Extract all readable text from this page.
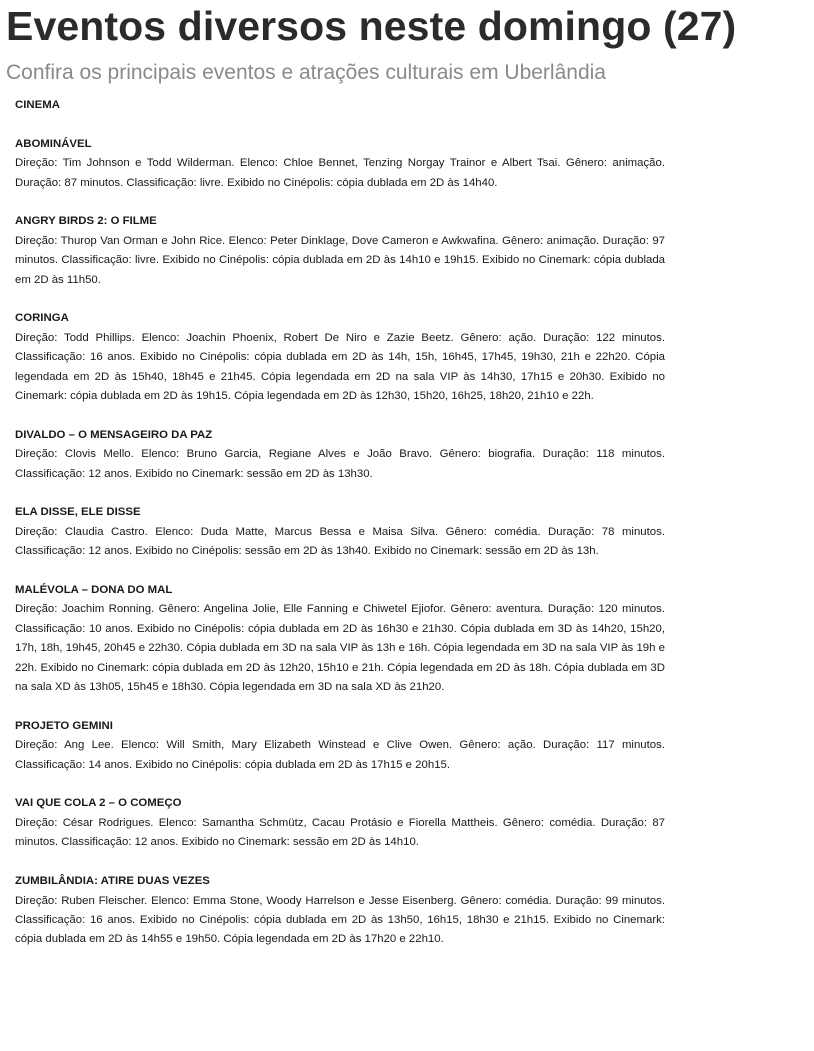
Eventos diversos neste domingo (27)

Confira os principais eventos e atrações culturais em Uberlândia

CINEMA

ABOMINÁVEL

Direção: Tim Johnson e Todd Wilderman. Elenco: Chloe Bennet, Tenzing Norgay Trainor e Albert Tsai. Gênero: animação. Duração: 87 minutos. Classificação: livre. Exibido no Cinépolis: cópia dublada em 2D às 14h40.

ANGRY BIRDS 2: O FILME

Direção: Thurop Van Orman e John Rice. Elenco: Peter Dinklage, Dove Cameron e Awkwafina. Gênero: animação. Duração: 97 minutos. Classificação: livre. Exibido no Cinépolis: cópia dublada em 2D às 14h10 e 19h15. Exibido no Cinemark: cópia dublada em 2D às 11h50.

CORINGA

Direção: Todd Phillips. Elenco: Joachin Phoenix, Robert De Niro e Zazie Beetz. Gênero: ação. Duração: 122 minutos. Classificação: 16 anos. Exibido no Cinépolis: cópia dublada em 2D às 14h, 15h, 16h45, 17h45, 19h30, 21h e 22h20. Cópia legendada em 2D às 15h40, 18h45 e 21h45. Cópia legendada em 2D na sala VIP às 14h30, 17h15 e 20h30. Exibido no Cinemark: cópia dublada em 2D às 19h15. Cópia legendada em 2D às 12h30, 15h20, 16h25, 18h20, 21h10 e 22h.

DIVALDO – O MENSAGEIRO DA PAZ

Direção: Clovis Mello. Elenco: Bruno Garcia, Regiane Alves e João Bravo. Gênero: biografia. Duração: 118 minutos. Classificação: 12 anos. Exibido no Cinemark: sessão em 2D às 13h30.

ELA DISSE, ELE DISSE

Direção: Claudia Castro. Elenco: Duda Matte, Marcus Bessa e Maisa Silva. Gênero: comédia. Duração: 78 minutos. Classificação: 12 anos. Exibido no Cinépolis: sessão em 2D às 13h40. Exibido no Cinemark: sessão em 2D às 13h.

MALÉVOLA – DONA DO MAL

Direção: Joachim Ronning. Gênero: Angelina Jolie, Elle Fanning e Chiwetel Ejiofor. Gênero: aventura. Duração: 120 minutos. Classificação: 10 anos. Exibido no Cinépolis: cópia dublada em 2D às 16h30 e 21h30. Cópia dublada em 3D às 14h20, 15h20, 17h, 18h, 19h45, 20h45 e 22h30. Cópia dublada em 3D na sala VIP às 13h e 16h. Cópia legendada em 3D na sala VIP às 19h e 22h. Exibido no Cinemark: cópia dublada em 2D às 12h20, 15h10 e 21h. Cópia legendada em 2D às 18h. Cópia dublada em 3D na sala XD às 13h05, 15h45 e 18h30. Cópia legendada em 3D na sala XD às 21h20.

PROJETO GEMINI

Direção: Ang Lee. Elenco: Will Smith, Mary Elizabeth Winstead e Clive Owen. Gênero: ação. Duração: 117 minutos. Classificação: 14 anos. Exibido no Cinépolis: cópia dublada em 2D às 17h15 e 20h15.

VAI QUE COLA 2 – O COMEÇO

Direção: César Rodrigues. Elenco: Samantha Schmütz, Cacau Protásio e Fiorella Mattheis. Gênero: comédia. Duração: 87 minutos. Classificação: 12 anos. Exibido no Cinemark: sessão em 2D às 14h10.

ZUMBILÂNDIA: ATIRE DUAS VEZES

Direção: Ruben Fleischer. Elenco: Emma Stone, Woody Harrelson e Jesse Eisenberg. Gênero: comédia. Duração: 99 minutos. Classificação: 16 anos. Exibido no Cinépolis: cópia dublada em 2D às 13h50, 16h15, 18h30 e 21h15. Exibido no Cinemark: cópia dublada em 2D às 14h55 e 19h50. Cópia legendada em 2D às 17h20 e 22h10.
